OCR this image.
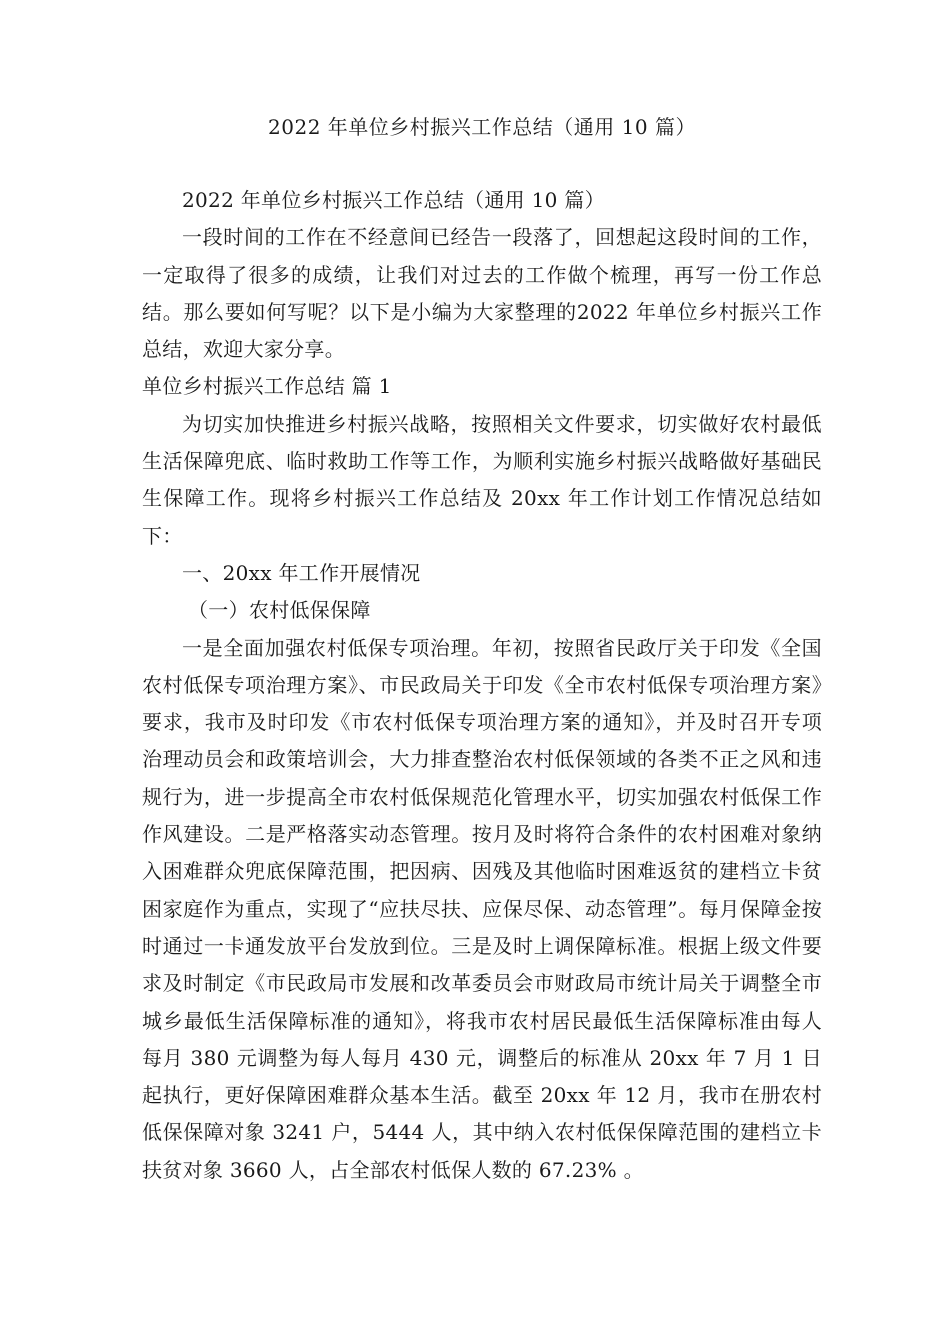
2022 年单位乡村振兴工作总结（通用 10 篇）

2022 年单位乡村振兴工作总结（通用 10 篇）

一段时间的工作在不经意间已经告一段落了，回想起这段时间的工作，一定取得了很多的成绩，让我们对过去的工作做个梳理，再写一份工作总结。那么要如何写呢？以下是小编为大家整理的2022 年单位乡村振兴工作总结，欢迎大家分享。

单位乡村振兴工作总结 篇 1

为切实加快推进乡村振兴战略，按照相关文件要求，切实做好农村最低生活保障兜底、临时救助工作等工作，为顺利实施乡村振兴战略做好基础民生保障工作。现将乡村振兴工作总结及 20xx 年工作计划工作情况总结如下：

一、20xx 年工作开展情况

（一）农村低保保障

一是全面加强农村低保专项治理。年初，按照省民政厅关于印发《全国农村低保专项治理方案》、市民政局关于印发《全市农村低保专项治理方案》要求，我市及时印发《市农村低保专项治理方案的通知》，并及时召开专项治理动员会和政策培训会，大力排查整治农村低保领域的各类不正之风和违规行为，进一步提高全市农村低保规范化管理水平，切实加强农村低保工作作风建设。二是严格落实动态管理。按月及时将符合条件的农村困难对象纳入困难群众兜底保障范围，把因病、因残及其他临时困难返贫的建档立卡贫困家庭作为重点，实现了“应扶尽扶、应保尽保、动态管理”。每月保障金按时通过一卡通发放平台发放到位。三是及时上调保障标准。根据上级文件要求及时制定《市民政局市发展和改革委员会市财政局市统计局关于调整全市城乡最低生活保障标准的通知》，将我市农村居民最低生活保障标准由每人每月 380 元调整为每人每月 430 元，调整后的标准从 20xx 年 7 月 1 日起执行，更好保障困难群众基本生活。截至 20xx 年 12 月，我市在册农村低保保障对象 3241 户，5444 人，其中纳入农村低保保障范围的建档立卡扶贫对象 3660 人，占全部农村低保人数的 67.23% 。
